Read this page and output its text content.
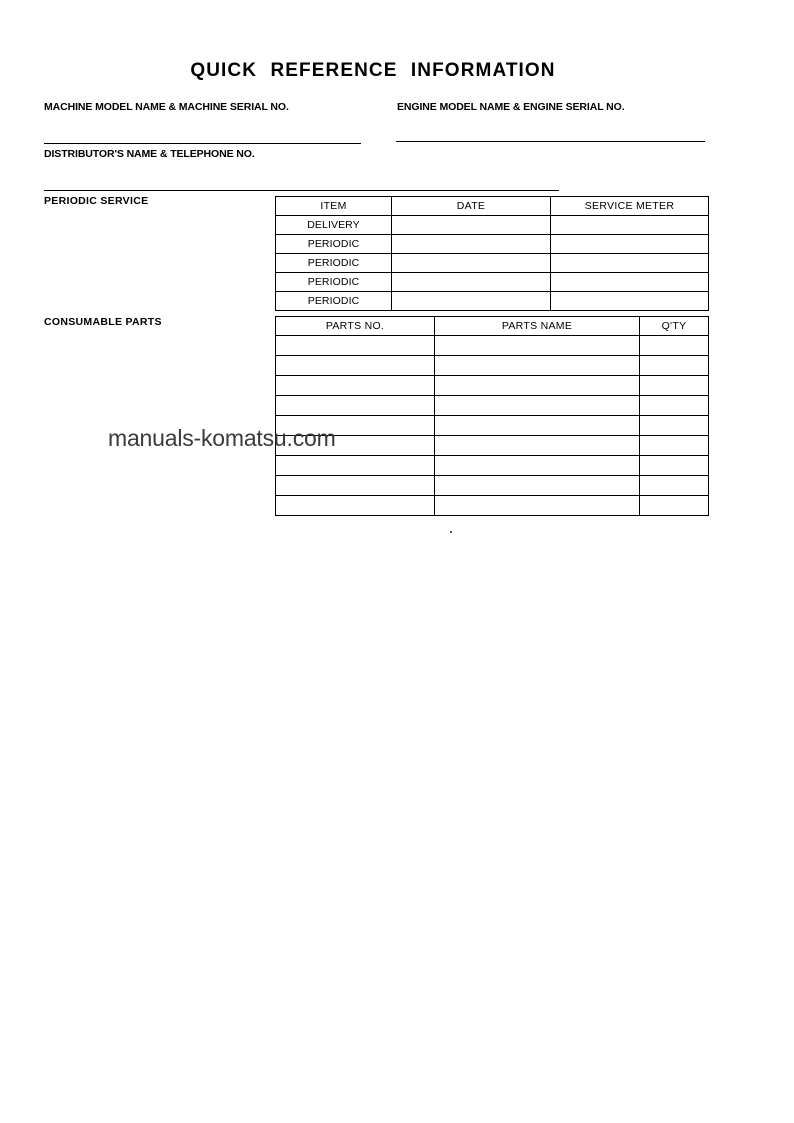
QUICK REFERENCE INFORMATION
MACHINE MODEL NAME & MACHINE SERIAL NO.	ENGINE MODEL NAME & ENGINE SERIAL NO.
DISTRIBUTOR'S NAME & TELEPHONE NO.
PERIODIC SERVICE	ITEM	DATE	SERVICE METER
DELIVERY		
PERIODIC		
PERIODIC		
PERIODIC		
PERIODIC		
CONSUMABLE PARTS	PARTS NO.	PARTS NAME	Q'TY

manuals-komatsu.com
